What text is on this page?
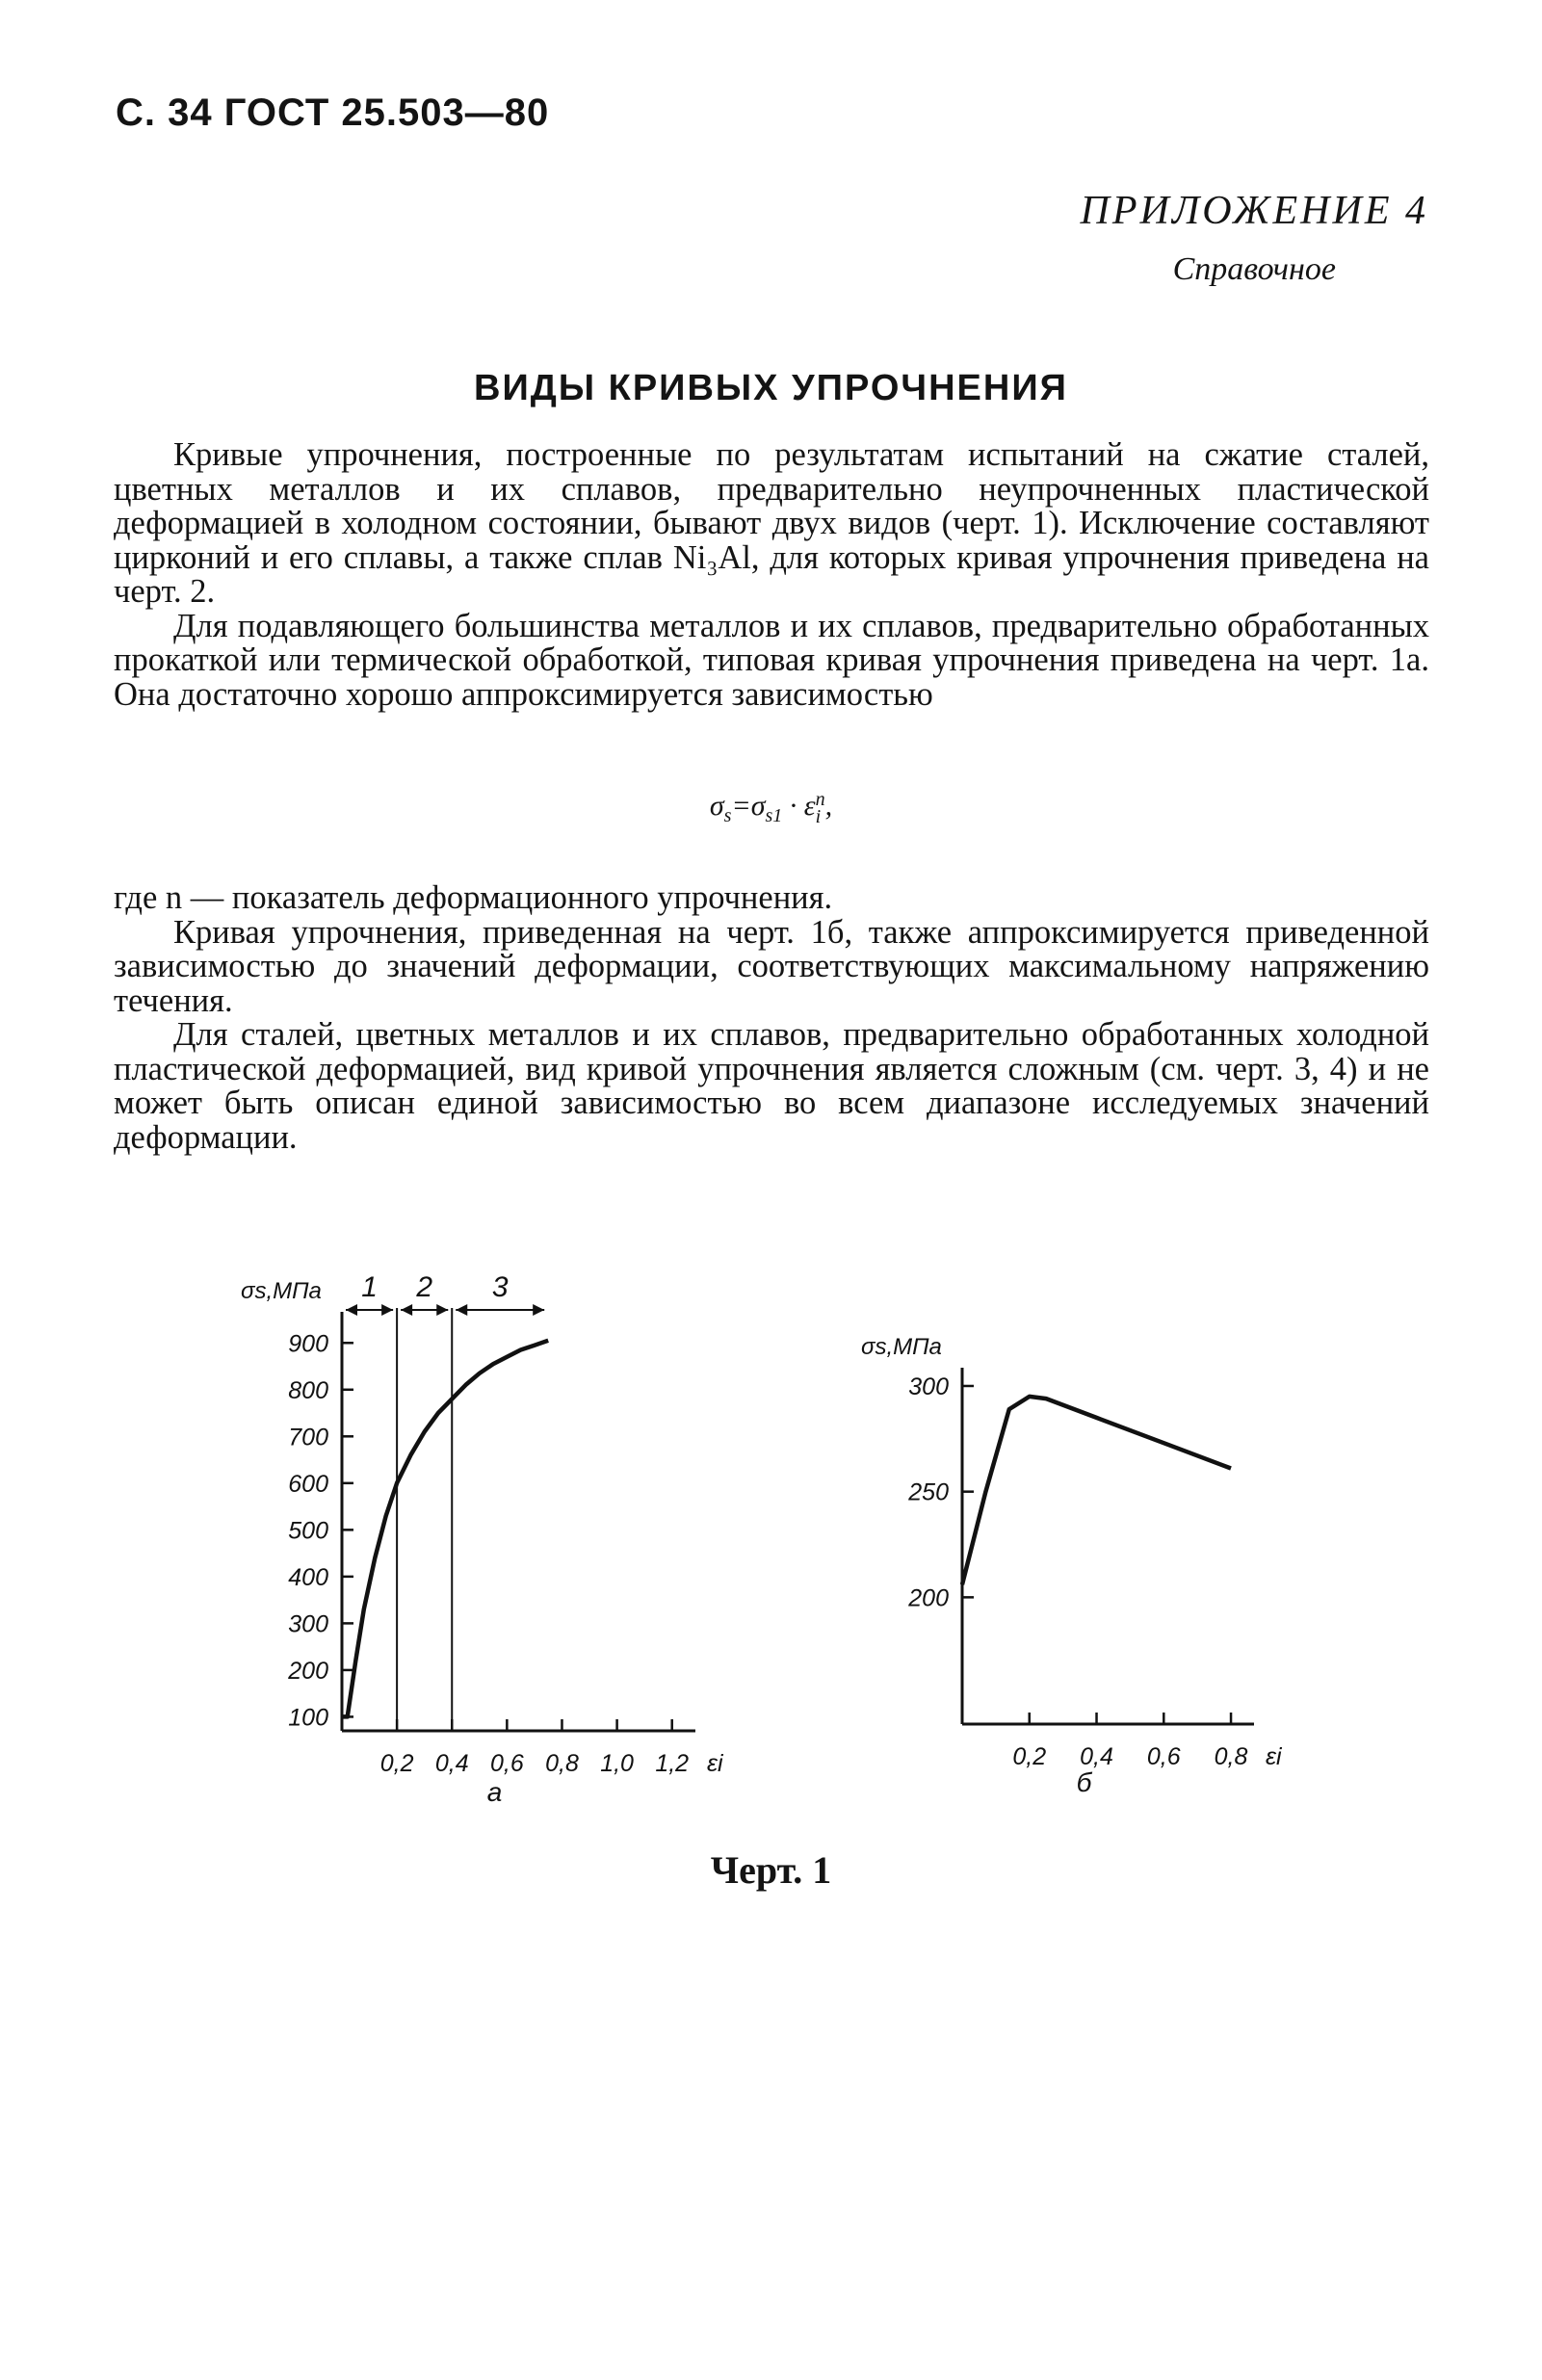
С. 34 ГОСТ 25.503—80
ПРИЛОЖЕНИЕ 4
Справочное
ВИДЫ КРИВЫХ УПРОЧНЕНИЯ

Кривые упрочнения, построенные по результатам испытаний на сжатие сталей, цветных металлов и их сплавов, предварительно неупрочненных пластической деформацией в холодном состоянии, бывают двух видов (черт. 1). Исключение составляют цирконий и его сплавы, а также сплав Ni₃Al, для которых кривая упрочнения приведена на черт. 2.

Для подавляющего большинства металлов и их сплавов, предварительно обработанных прокаткой или термической обработкой, типовая кривая упрочнения приведена на черт. 1а. Она достаточно хорошо аппроксимируется зависимостью

$\sigma_s=\sigma_{s1} \cdot \varepsilon$ n
i ,

где n — показатель деформационного упрочнения.

Кривая упрочнения, приведенная на черт. 1б, также аппроксимируется приведенной зависимостью до значений деформации, соответствующих максимальному напряжению течения.

Для сталей, цветных металлов и их сплавов, предварительно обработанных холодной пластической деформацией, вид кривой упрочнения является сложным (см. черт. 3, 4) и не может быть описан единой зависимостью во всем диапазоне исследуемых значений деформации.

100
200
300
400
500
600
700
800
900
0,2 0,4 0,6 0,8 1,0 1,2
σs,МПа
εi
а
1 2 3
200
250
300
0,2 0,4 0,6 0,8
σs,МПа
εi
б
Черт. 1
